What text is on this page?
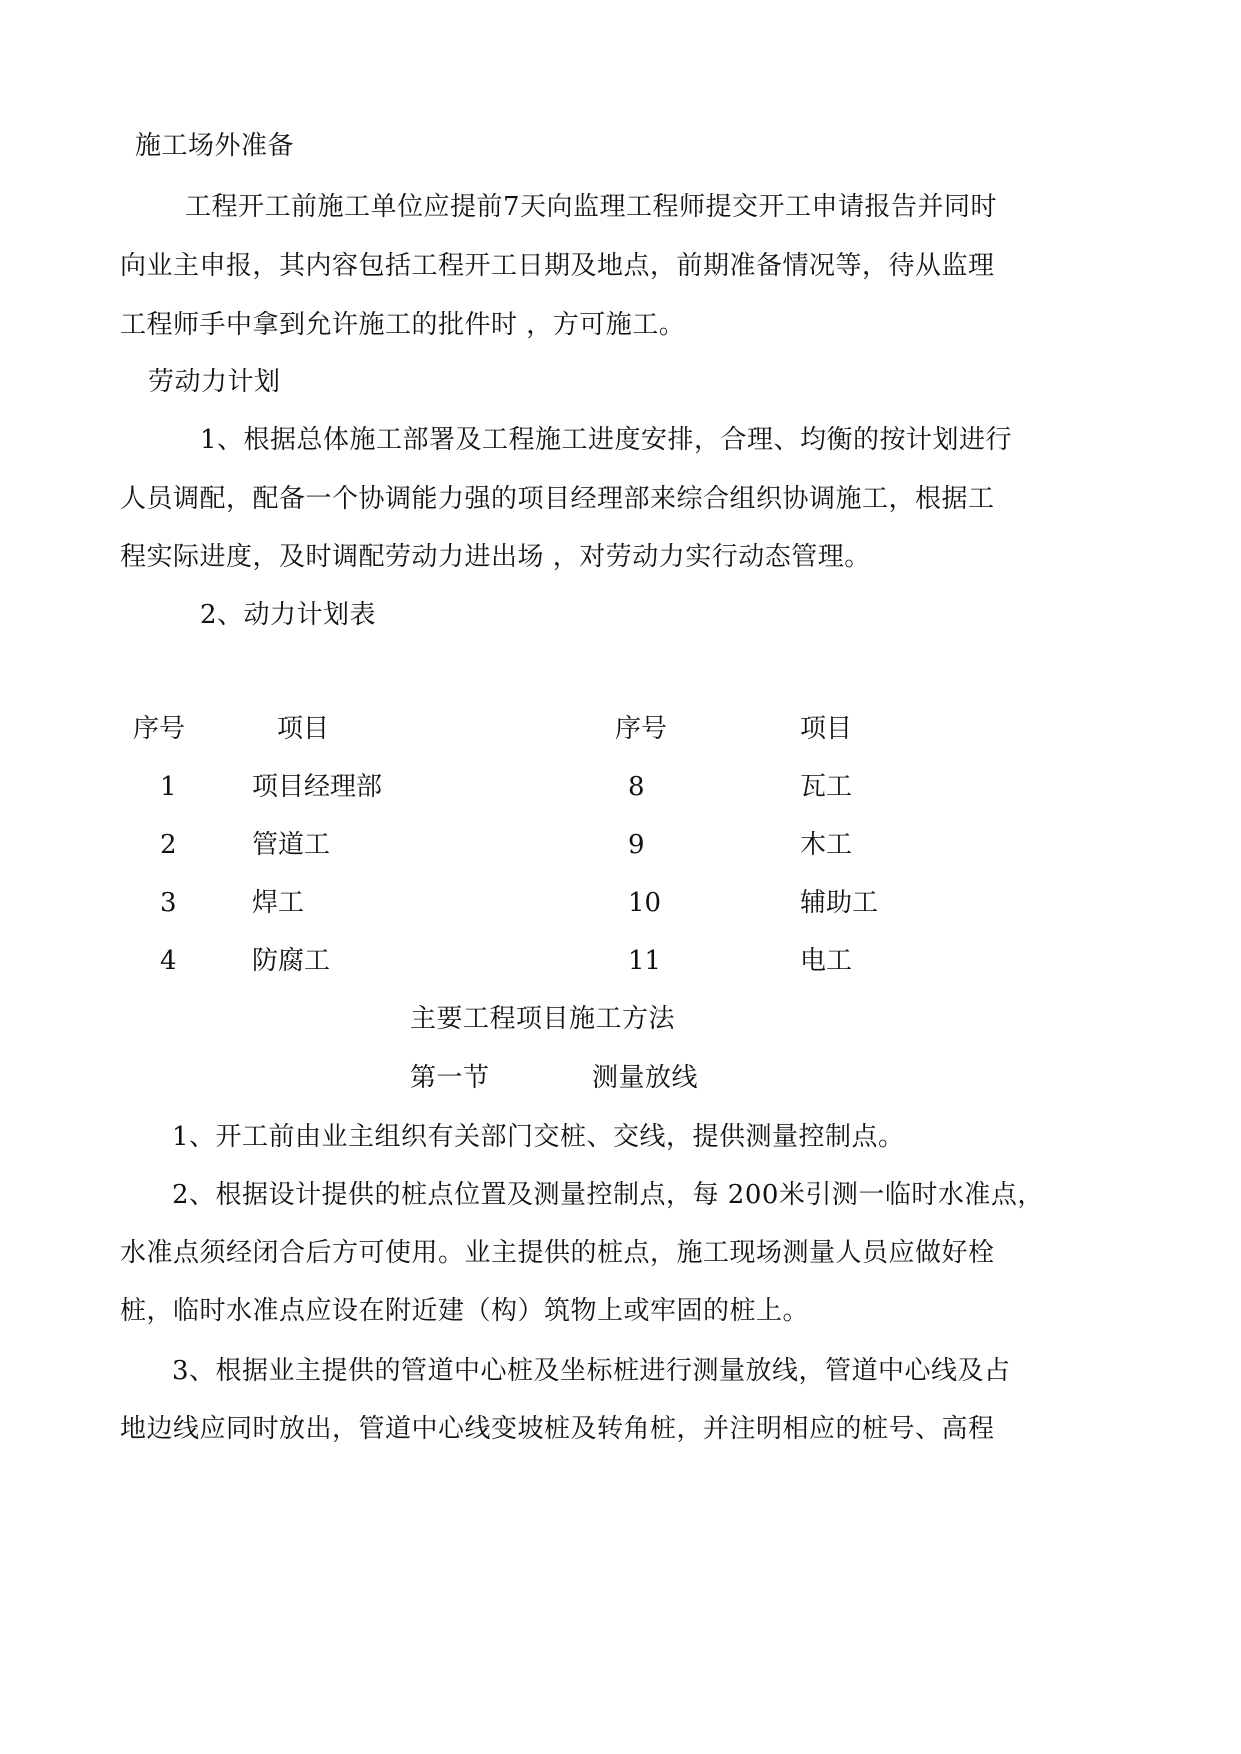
施工场外准备
工程开工前施工单位应提前7天向监理工程师提交开工申请报告并同时
向业主申报，其内容包括工程开工日期及地点，前期准备情况等，待从监理
工程师手中拿到允许施工的批件时 ，方可施工。
劳动力计划
1、根据总体施工部署及工程施工进度安排，合理、均衡的按计划进行
人员调配，配备一个协调能力强的项目经理部来综合组织协调施工，根据工
程实际进度，及时调配劳动力进出场 ，对劳动力实行动态管理。
2、动力计划表
序号	项目	序号	项目
1	项目经理部	8	瓦工
2	管道工	9	木工
3	焊工	10	辅助工
4	防腐工	11	电工
主要工程项目施工方法
第一节	测量放线
1、开工前由业主组织有关部门交桩、交线，提供测量控制点。
2、根据设计提供的桩点位置及测量控制点，每 200米引测一临时水准点，
水准点须经闭合后方可使用。业主提供的桩点，施工现场测量人员应做好栓
桩，临时水准点应设在附近建（构）筑物上或牢固的桩上。
3、根据业主提供的管道中心桩及坐标桩进行测量放线，管道中心线及占
地边线应同时放出，管道中心线变坡桩及转角桩，并注明相应的桩号、高程
